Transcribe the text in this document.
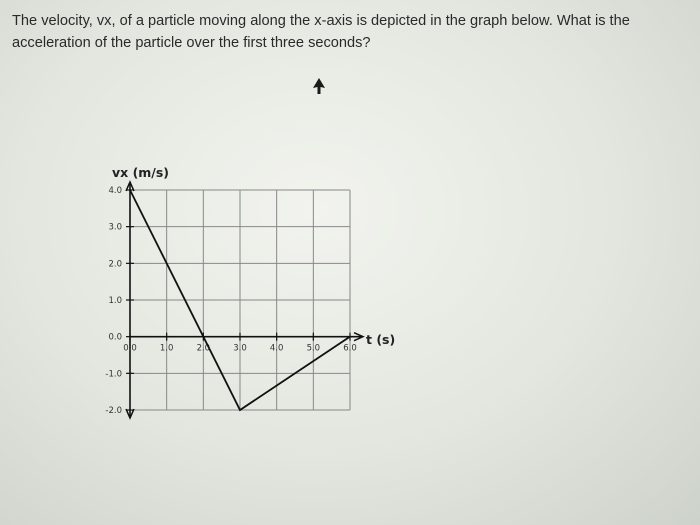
The velocity, vx, of a particle moving along the x-axis is depicted in the graph below. What is the acceleration of the particle over the first three seconds?

4.0
3.0
2.0
1.0
0.0
-1.0
-2.0
0.0	1.0	2.0	3.0	4.0	5.0	6.0
vx (m/s)
t (s)
